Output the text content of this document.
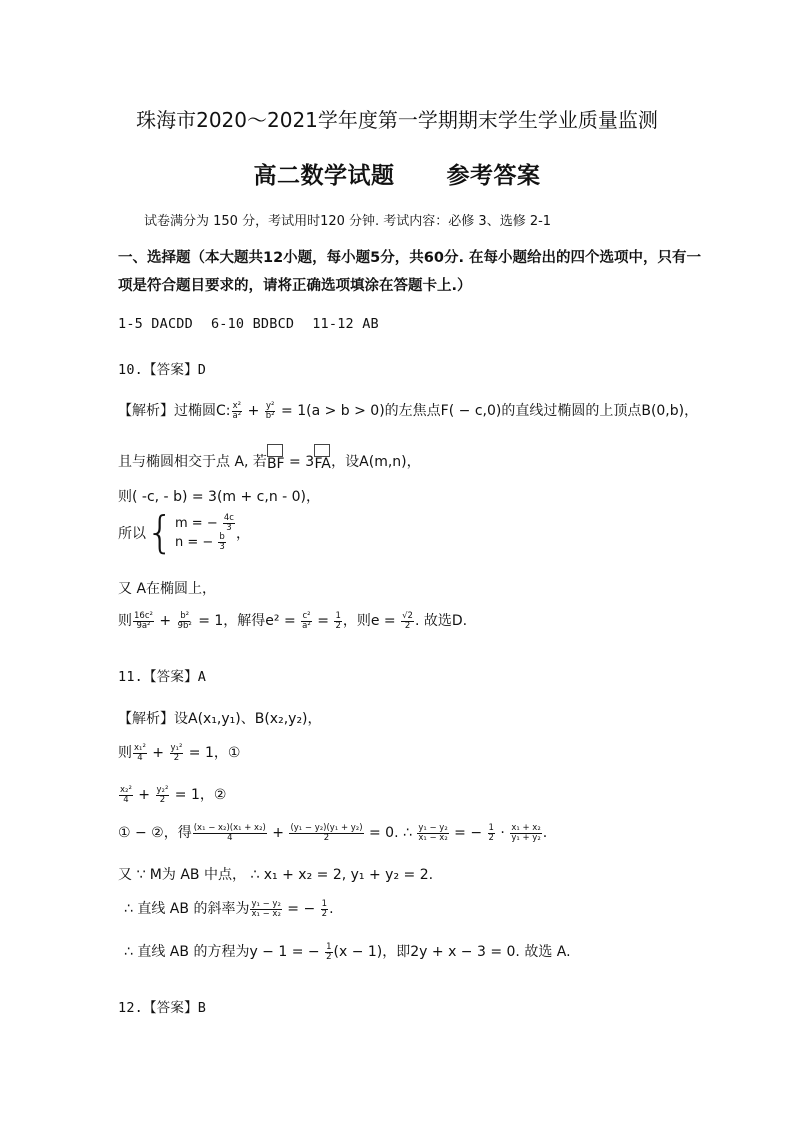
珠海市2020～2021学年度第一学期期末学生学业质量监测
高二数学试题 参考答案
试卷满分为 150 分，考试用时120 分钟. 考试内容：必修 3、选修 2-1
一、选择题（本大题共12小题，每小题5分，共60分. 在每小题给出的四个选项中，只有一
项是符合题目要求的，请将正确选项填涂在答题卡上.）
1-5 DACDD 6-10 BDBCD 11-12 AB
10.【答案】D
【解析】过椭圆C: $\frac{\text{x²}}{\text{a²}} + \frac{\text{y²}}{\text{b²}} = 1(a > b > 0)$的左焦点F( − c,0)的直线过椭圆的上顶点B(0,b)，
且与椭圆相交于点 A, 若 BF = 3 FA ，设A(m,n)，
则( -c, - b) = 3(m + c,n - 0)，
所以{ m = − $\frac{4c}{3}$
n = − $\frac{b}{3}$ ，
又 A在椭圆上，
则 $\frac{\text{16c²}}{\text{9a²}} + \frac{\text{b²}}{\text{9b²}} = 1$，解得$e^2 = \frac{\text{c²}}{\text{a²}} = \frac{1}{2}$ ，则$e = \frac{√2}{2}$ . 故选D.
11.【答案】A
【解析】设A(x₁,y₁)、B(x₂,y₂)，
则 $\frac{\text{x₁²}}{4} + \frac{\text{y₁²}}{2} = 1$，①
$\frac{\text{x₂²}}{4} + \frac{\text{y₂²}}{2} = 1$，②
① − ②，得 $\frac{\text{(x₁ − x₂)(x₁ + x₂)}}{4} + \frac{\text{(y₁ − y₂)(y₁ + y₂)}}{2} = 0$. ∴ $\frac{\text{y₁ − y₂}}{\text{x₁ − x₂}}$ = − $\frac{1}{2} \cdot \frac{\text{x₁ + x₂}}{\text{y₁ + y₂}}$ .
又 ∵ M为 AB 中点， ∴ x₁ + x₂ = 2, y₁ + y₂ = 2.
∴ 直线 AB 的斜率为 $\frac{\text{y₁ − y₂}}{\text{x₁ − x₂}}$ = − $\frac{1}{2}$ .
∴ 直线 AB 的方程为y − 1 = − $\frac{1}{2} (x - 1)$，即2y + x − 3 = 0. 故选 A.
12.【答案】B
